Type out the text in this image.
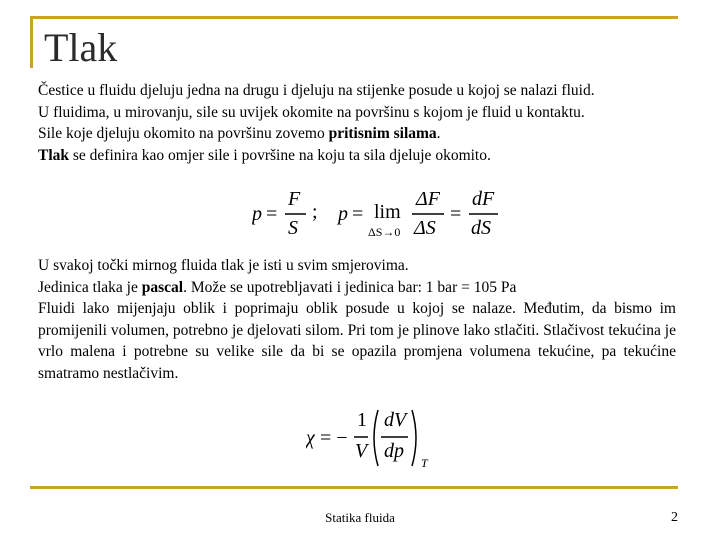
Tlak

Čestice u fluidu djeluju jedna na drugu i djeluju na stijenke posude u kojoj se nalazi fluid.

U fluidima, u mirovanju, sile su uvijek okomite na površinu s kojom je fluid u kontaktu.

Sile koje djeluju okomito na površinu zovemo pritisnim silama.

Tlak se definira kao omjer sile i površine na koju ta sila djeluje okomito.

p =
F
S
; p = lim
ΔS→0
ΔF
ΔS
=
dF
dS

U svakoj točki mirnog fluida tlak je isti u svim smjerovima.

Jedinica tlaka je pascal. Može se upotrebljavati i jedinica bar: 1 bar = 105 Pa

Fluidi lako mijenjaju oblik i poprimaju oblik posude u kojoj se nalaze. Međutim, da bismo im promijenili volumen, potrebno je djelovati silom. Pri tom je plinove lako stlačiti. Stlačivost tekućina je vrlo malena i potrebne su velike sile da bi se opazila promjena volumena tekućine, pa tekućine smatramo nestlačivim.

χ = −
1
V
dV
dp
T
Statika fluida	2
